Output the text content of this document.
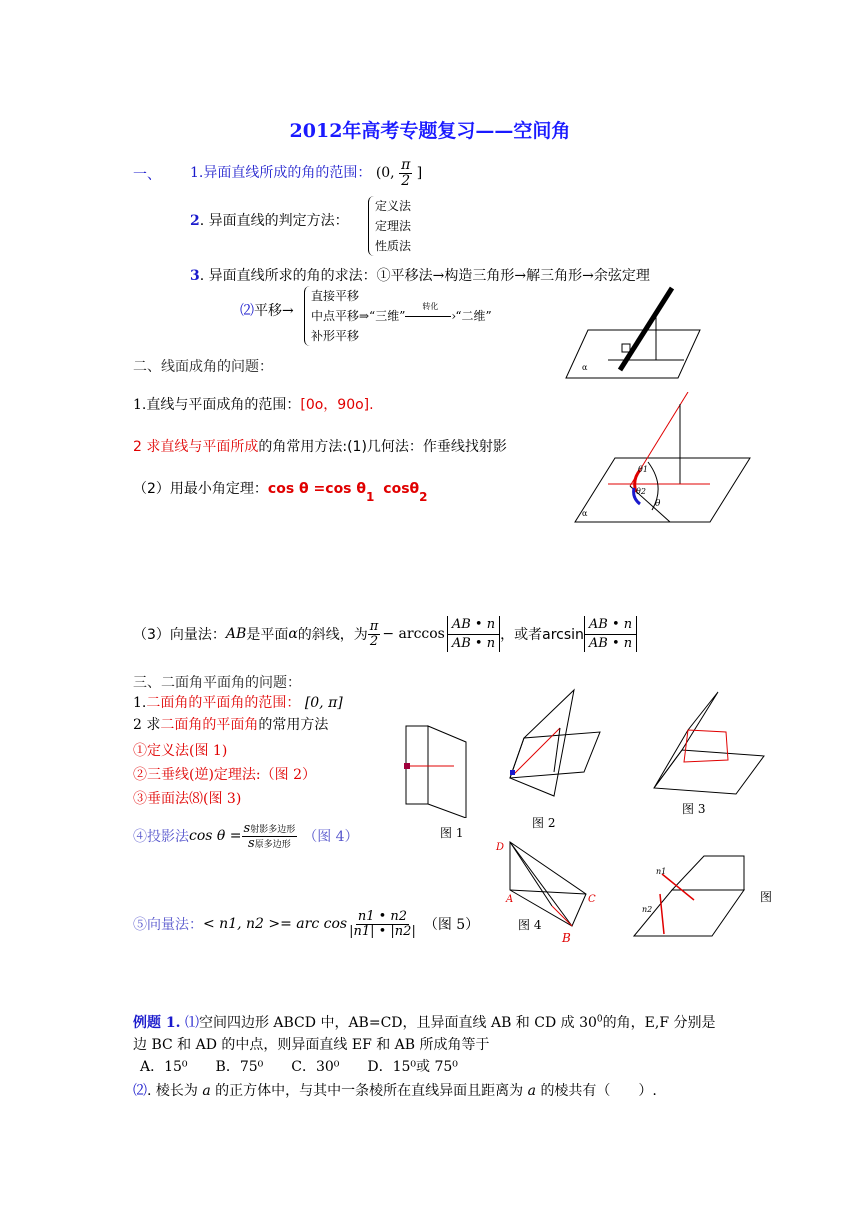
2012年高考专题复习——空间角
一、 1.异面直线所成的角的范围： (0, $\frac{\pi}{2}$ ]
2. 异面直线的判定方法：
定义法
定理法
性质法
3. 异面直线所求的角的求法：①平移法→构造三角形→解三角形→余弦定理
⑵平移→
直接平移
中点平移⇒“三维”
转化
›“二维”
补形平移
α
二、线面成角的问题：
1.直线与平面成角的范围：[0o，90o].
2 求直线与平面所成的角常用方法:(1)几何法：作垂线找射影
（2）用最小角定理：cos θ =cos θ1 cosθ2
θ1
θ2
θ
α
（3）向量法： AB 是平面 α 的斜线，为 $\frac{\pi}{2} - \arccos \frac{AB • n}{AB • n}$ ，或者$\arcsin \frac{AB • n}{AB • n}$
三、二面角平面角的问题：
1.二面角的平面角的范围： [0, π]
2 求二面角的平面角的常用方法
①定义法(图 1)
②三垂线(逆)定理法:（图 2）
③垂面法⑻(图 3)
④投影法 $\cos \theta = \frac{\text{s射影多边形}}{\text{s原多边形}}$ （图 4）
⑤向量法： < n1, n2 >= arc $\cos \frac{n1 • n2}{|n1| • |n2|}$ （图 5）
图 1
图 2
图 3
D
A	C
B
图 4
n1
n2
图
例题 1. ⑴空间四边形 ABCD 中，AB=CD，且异面直线 AB 和 CD 成 $30^0$的角，E,F 分别是
边 BC 和 AD 的中点，则异面直线 EF 和 AB 所成角等于
A．15⁰　　B．75⁰　　C．30⁰　　D．15⁰或 75⁰
⑵. 棱长为 a 的正方体中，与其中一条棱所在直线异面且距离为 a 的棱共有（　　）.
